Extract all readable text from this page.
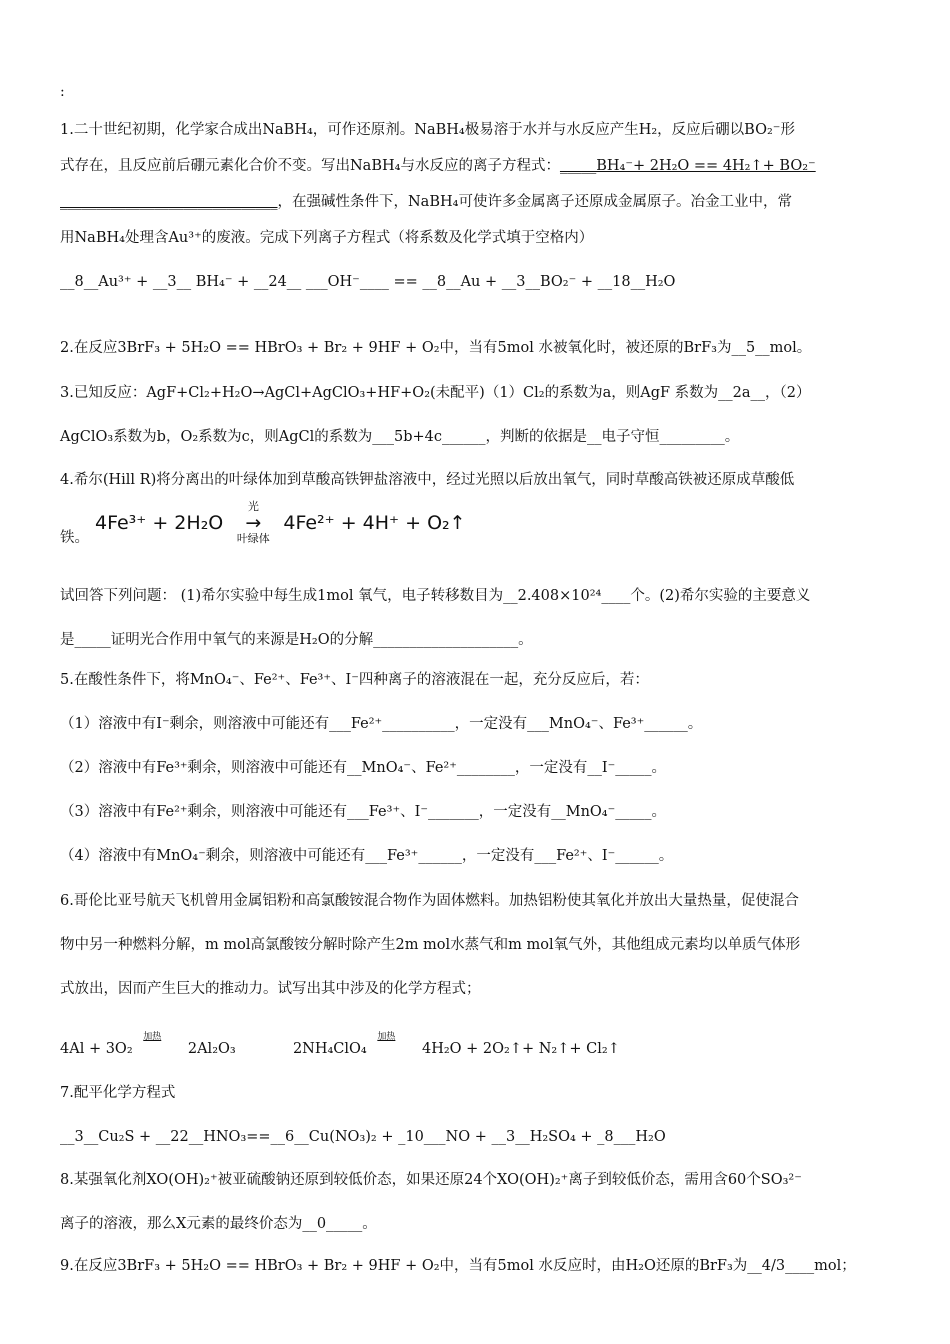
:

1.二十世纪初期，化学家合成出NaBH₄，可作还原剂。NaBH₄极易溶于水并与水反应产生H₂，反应后硼以BO₂⁻形

式存在，且反应前后硼元素化合价不变。写出NaBH₄与水反应的离子方程式：_____BH₄⁻+ 2H₂O == 4H₂↑+ BO₂⁻

______________________________，在强碱性条件下，NaBH₄可使许多金属离子还原成金属原子。冶金工业中，常

用NaBH₄处理含Au³⁺的废液。完成下列离子方程式（将系数及化学式填于空格内）

__8__Au³⁺ + __3__ BH₄⁻ + __24__ ___OH⁻____ == __8__Au + __3__BO₂⁻ + __18__H₂O

2.在反应3BrF₃ + 5H₂O == HBrO₃ + Br₂ + 9HF + O₂中，当有5mol 水被氧化时，被还原的BrF₃为__5__mol。

3.已知反应：AgF+Cl₂+H₂O→AgCl+AgClO₃+HF+O₂(未配平)（1）Cl₂的系数为a，则AgF 系数为__2a__，（2）

AgClO₃系数为b，O₂系数为c，则AgCl的系数为___5b+4c______，判断的依据是__电子守恒_________。

4.希尔(Hill R)将分离出的叶绿体加到草酸高铁钾盐溶液中，经过光照以后放出氧气，同时草酸高铁被还原成草酸低

铁。

4Fe³⁺ + 2H₂O
光
→
叶绿体
4Fe²⁺ + 4H⁺ + O₂↑

试回答下列问题： (1)希尔实验中每生成1mol 氧气，电子转移数目为__2.408×10²⁴____个。(2)希尔实验的主要意义

是_____证明光合作用中氧气的来源是H₂O的分解____________________。

5.在酸性条件下，将MnO₄⁻、Fe²⁺、Fe³⁺、I⁻四种离子的溶液混在一起，充分反应后，若：

（1）溶液中有I⁻剩余，则溶液中可能还有___Fe²⁺__________，一定没有___MnO₄⁻、Fe³⁺______。

（2）溶液中有Fe³⁺剩余，则溶液中可能还有__MnO₄⁻、Fe²⁺________，一定没有__I⁻_____。

（3）溶液中有Fe²⁺剩余，则溶液中可能还有___Fe³⁺、I⁻_______，一定没有__MnO₄⁻_____。

（4）溶液中有MnO₄⁻剩余，则溶液中可能还有___Fe³⁺______，一定没有___Fe²⁺、I⁻______。

6.哥伦比亚号航天飞机曾用金属铝粉和高氯酸铵混合物作为固体燃料。加热铝粉使其氧化并放出大量热量，促使混合

物中另一种燃料分解，m mol高氯酸铵分解时除产生2m mol水蒸气和m mol氧气外，其他组成元素均以单质气体形

式放出，因而产生巨大的推动力。试写出其中涉及的化学方程式；

4Al + 3O₂
加热
2Al₂O₃	2NH₄ClO₄
加热
4H₂O + 2O₂↑+ N₂↑+ Cl₂↑

7.配平化学方程式

__3__Cu₂S + __22__HNO₃==__6__Cu(NO₃)₂ + _10___NO + __3__H₂SO₄ + _8___H₂O

8.某强氧化剂XO(OH)₂⁺被亚硫酸钠还原到较低价态，如果还原24个XO(OH)₂⁺离子到较低价态，需用含60个SO₃²⁻

离子的溶液，那么X元素的最终价态为__0_____。

9.在反应3BrF₃ + 5H₂O == HBrO₃ + Br₂ + 9HF + O₂中，当有5mol 水反应时，由H₂O还原的BrF₃为__4/3____mol；
